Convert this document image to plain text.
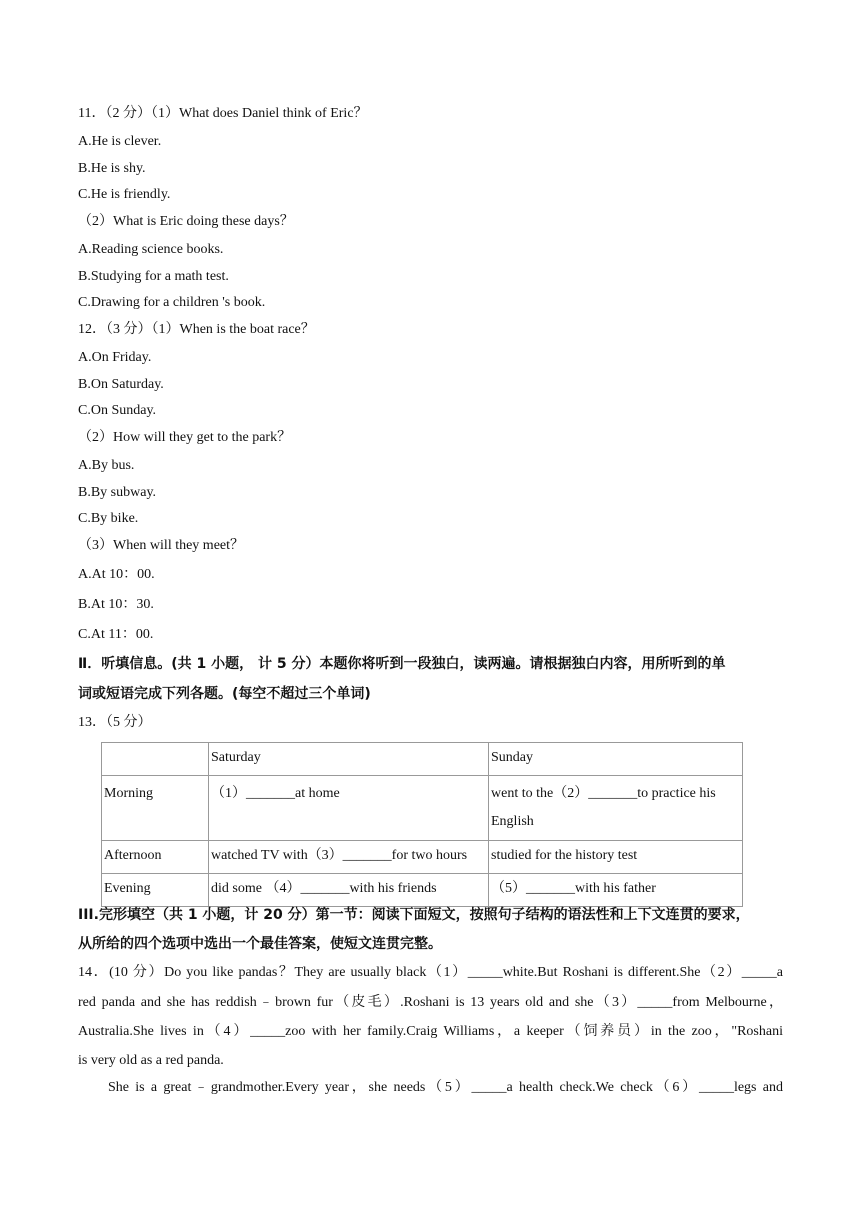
11．（2 分）（1）What does Daniel think of Eric？
A.He is clever.
B.He is shy.
C.He is friendly.
（2）What is Eric doing these days？
A.Reading science books.
B.Studying for a math test.
C.Drawing for a children 's book.
12．（3 分）（1）When is the boat race？
A.On Friday.
B.On Saturday.
C.On Sunday.
（2）How will they get to the park？
A.By bus.
B.By subway.
C.By bike.
（3）When will they meet？
A.At 10：00.
B.At 10：30.
C.At 11：00.
Ⅱ．听填信息。(共 1 小题， 计 5 分）本题你将听到一段独白，读两遍。请根据独白内容，用所听到的单
词或短语完成下列各题。(每空不超过三个单词)
13．（5 分）
	Saturday	Sunday
Morning	（1）_______at home	went to the（2）_______to practice his English
Afternoon	watched TV with（3）_______for two hours	studied for the history test
Evening	did some （4）_______with his friends	（5）_______with his father
III.完形填空（共 1 小题，计 20 分）第一节：阅读下面短文，按照句子结构的语法性和上下文连贯的要求，
从所给的四个选项中选出一个最佳答案，使短文连贯完整。
14．(10 分）Do you like pandas？They are usually black（1）_____white.But Roshani is different.She（2）_____a
red panda and she has reddish﹣brown fur（皮毛）.Roshani is 13 years old and she（3）_____from Melbourne，
Australia.She lives in（4）_____zoo with her family.Craig Williams，a keeper（饲养员）in the zoo，"Roshani
is very old as a red panda.
She is a great﹣grandmother.Every year，she needs（5）_____a health check.We check（6）_____legs and
